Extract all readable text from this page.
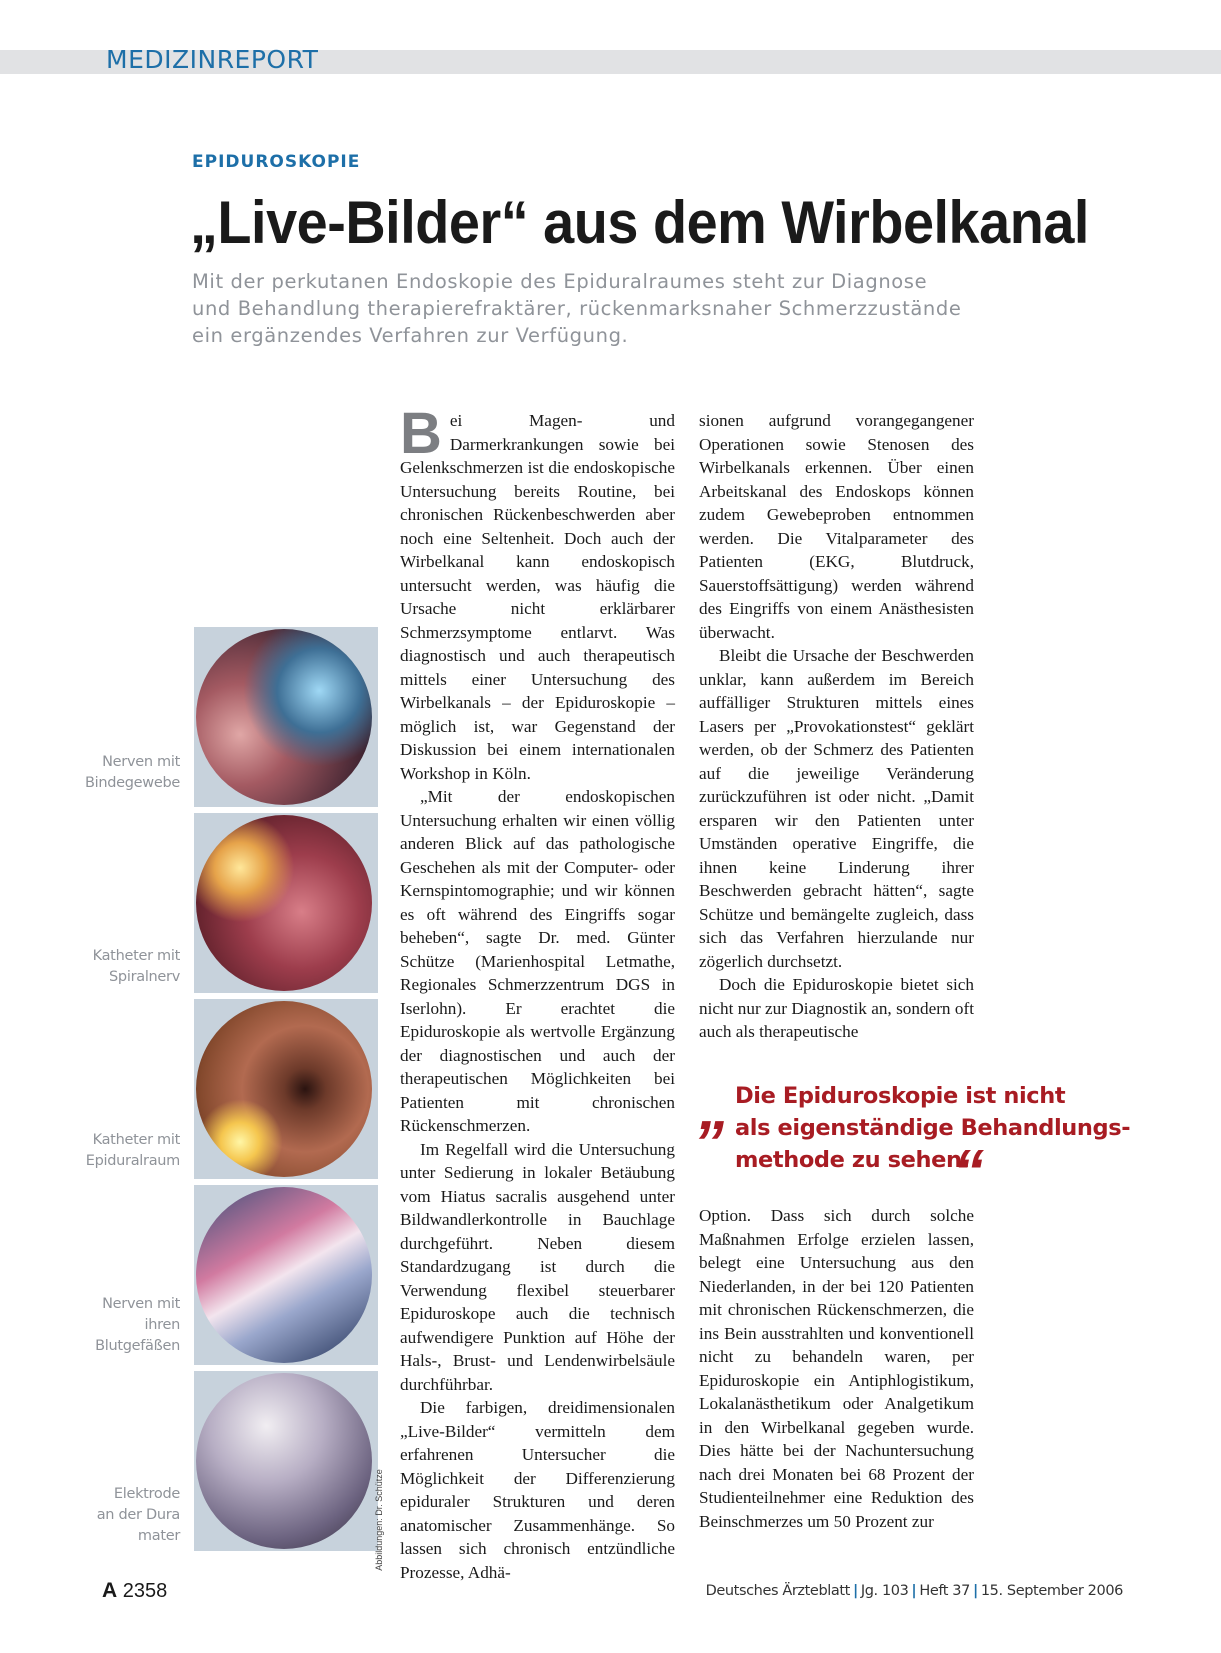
MEDIZINREPORT
EPIDUROSKOPIE
„Live-Bilder“ aus dem Wirbelkanal
Mit der perkutanen Endoskopie des Epiduralraumes steht zur Diagnose
und Behandlung therapierefraktärer, rückenmarksnaher Schmerzzustände
ein ergänzendes Verfahren zur Verfügung.
Abbildungen: Dr. Schütze
Nerven mit
Bindegewebe
Katheter mit
Spiralnerv
Katheter mit
Epiduralraum
Nerven mit
ihren
Blutgefäßen
Elektrode
an der Dura
mater

Bei Magen- und Darmerkrankungen sowie bei Gelenkschmerzen ist die endoskopische Untersuchung bereits Routine, bei chronischen Rückenbeschwerden aber noch eine Seltenheit. Doch auch der Wirbelkanal kann endoskopisch untersucht werden, was häufig die Ursache nicht erklärbarer Schmerzsymptome entlarvt. Was diagnostisch und auch therapeutisch mittels einer Untersuchung des Wirbelkanals – der Epiduroskopie – möglich ist, war Gegenstand der Diskussion bei einem internationalen Workshop in Köln.

„Mit der endoskopischen Untersuchung erhalten wir einen völlig anderen Blick auf das pathologische Geschehen als mit der Computer- oder Kernspintomographie; und wir können es oft während des Eingriffs sogar beheben“, sagte Dr. med. Günter Schütze (Marienhospital Letmathe, Regionales Schmerzzentrum DGS in Iserlohn). Er erachtet die Epiduroskopie als wertvolle Ergänzung der diagnostischen und auch der therapeutischen Möglichkeiten bei Patienten mit chronischen Rückenschmerzen.

Im Regelfall wird die Untersuchung unter Sedierung in lokaler Betäubung vom Hiatus sacralis ausgehend unter Bildwandlerkontrolle in Bauchlage durchgeführt. Neben diesem Standardzugang ist durch die Verwendung flexibel steuerbarer Epiduroskope auch die technisch aufwendigere Punktion auf Höhe der Hals-, Brust- und Lendenwirbelsäule durchführbar.

Die farbigen, dreidimensionalen „Live-Bilder“ vermitteln dem erfahrenen Untersucher die Möglichkeit der Differenzierung epiduraler Strukturen und deren anatomischer Zusammenhänge. So lassen sich chronisch entzündliche Prozesse, Adhä-

sionen aufgrund vorangegangener Operationen sowie Stenosen des Wirbelkanals erkennen. Über einen Arbeitskanal des Endoskops können zudem Gewebeproben entnommen werden. Die Vitalparameter des Patienten (EKG, Blutdruck, Sauerstoffsättigung) werden während des Eingriffs von einem Anästhesisten überwacht.

Bleibt die Ursache der Beschwerden unklar, kann außerdem im Bereich auffälliger Strukturen mittels eines Lasers per „Provokationstest“ geklärt werden, ob der Schmerz des Patienten auf die jeweilige Veränderung zurückzuführen ist oder nicht. „Damit ersparen wir den Patienten unter Umständen operative Eingriffe, die ihnen keine Linderung ihrer Beschwerden gebracht hätten“, sagte Schütze und bemängelte zugleich, dass sich das Verfahren hierzulande nur zögerlich durchsetzt.

Doch die Epiduroskopie bietet sich nicht nur zur Diagnostik an, sondern oft auch als therapeutische

„ Die Epiduroskopie ist nicht
als eigenständige Behandlungs-
methode zu sehen.
“

Option. Dass sich durch solche Maßnahmen Erfolge erzielen lassen, belegt eine Untersuchung aus den Niederlanden, in der bei 120 Patienten mit chronischen Rückenschmerzen, die ins Bein ausstrahlten und konventionell nicht zu behandeln waren, per Epiduroskopie ein Antiphlogistikum, Lokalanästhetikum oder Analgetikum in den Wirbelkanal gegeben wurde. Dies hätte bei der Nachuntersuchung nach drei Monaten bei 68 Prozent der Studienteilnehmer eine Reduktion des Beinschmerzes um 50 Prozent zur

A 2358	Deutsches Ärzteblatt | Jg. 103 | Heft 37 | 15. September 2006
